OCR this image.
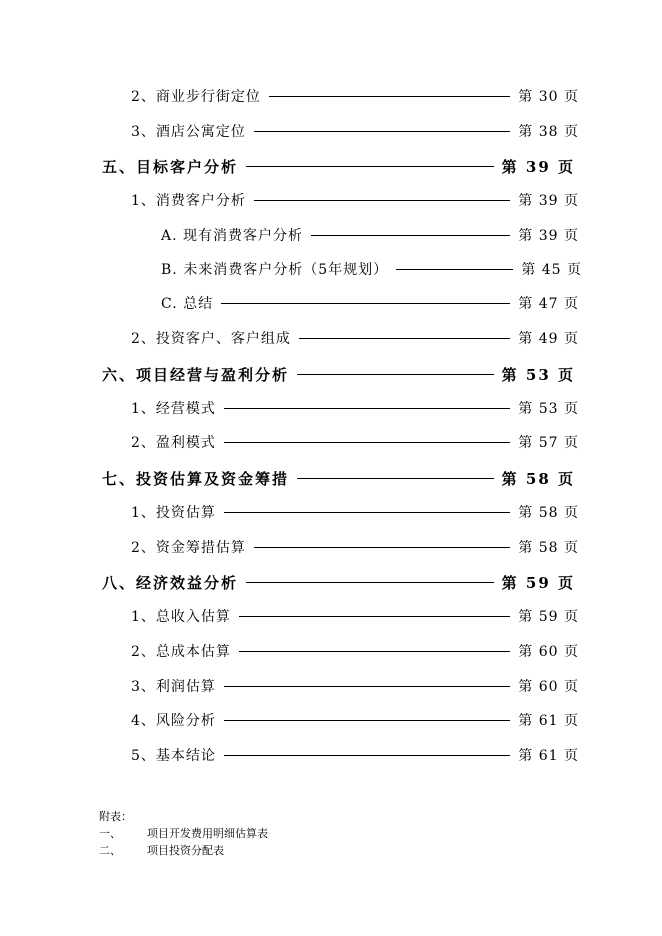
2、商业步行街定位	第 30 页
3、酒店公寓定位	第 38 页
五、目标客户分析	第 39 页
1、消费客户分析	第 39 页
A. 现有消费客户分析	第 39 页
B. 未来消费客户分析（5年规划）	第 45 页
C. 总结	第 47 页
2、投资客户、客户组成	第 49 页
六、项目经营与盈利分析	第 53 页
1、经营模式	第 53 页
2、盈利模式	第 57 页
七、投资估算及资金筹措	第 58 页
1、投资估算	第 58 页
2、资金筹措估算	第 58 页
八、经济效益分析	第 59 页
1、总收入估算	第 59 页
2、总成本估算	第 60 页
3、利润估算	第 60 页
4、风险分析	第 61 页
5、基本结论	第 61 页
附表：
一、 项目开发费用明细估算表
二、 项目投资分配表
